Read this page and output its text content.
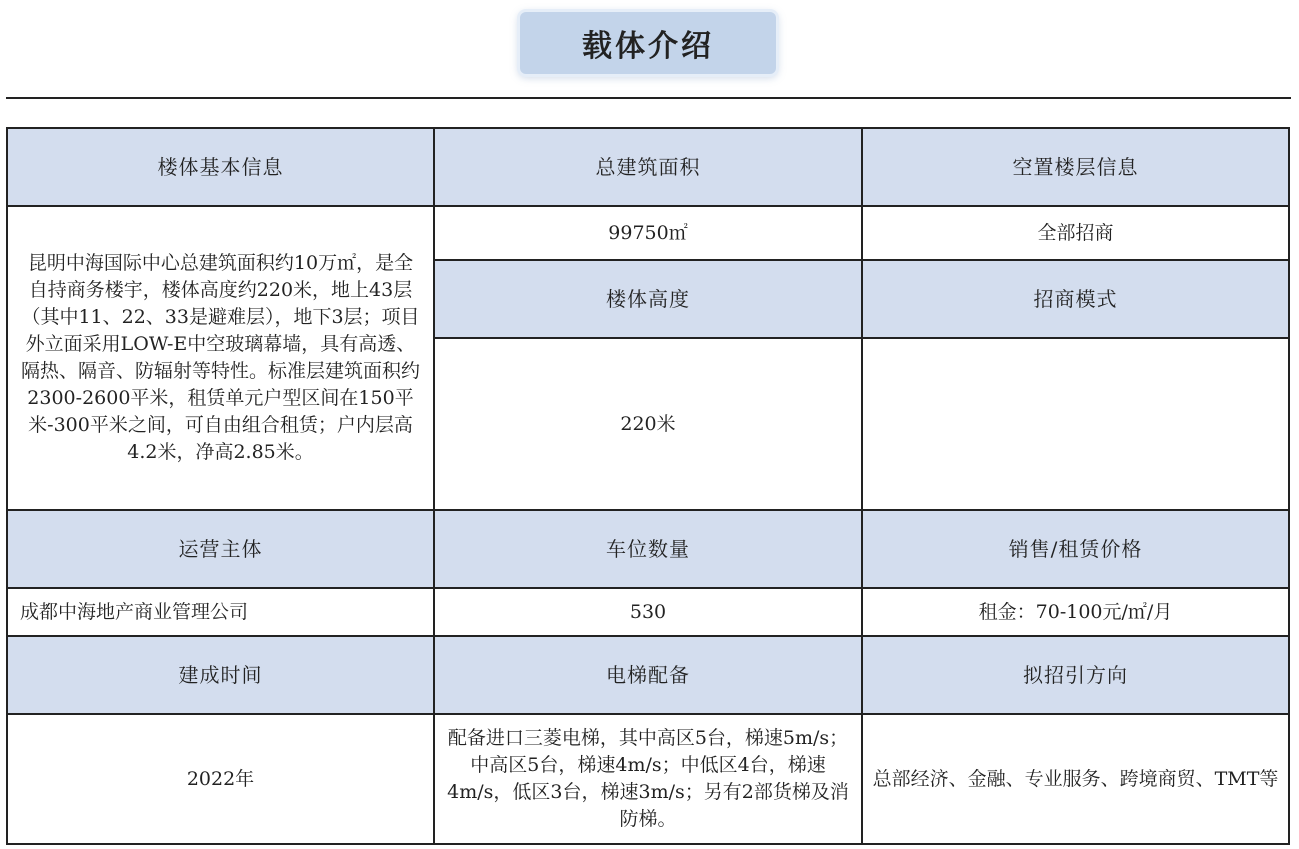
载体介绍
楼体基本信息	总建筑面积	空置楼层信息
昆明中海国际中心总建筑面积约10万㎡，是全自持商务楼宇，楼体高度约220米，地上43层（其中11、22、33是避难层），地下3层；项目外立面采用LOW-E中空玻璃幕墙，具有高透、隔热、隔音、防辐射等特性。标准层建筑面积约2300-2600平米，租赁单元户型区间在150平米-300平米之间，可自由组合租赁；户内层高4.2米，净高2.85米。	99750㎡	全部招商
	楼体高度	招商模式
	220米	
运营主体	车位数量	销售/租赁价格
成都中海地产商业管理公司	530	租金：70-100元/㎡/月
建成时间	电梯配备	拟招引方向
2022年	配备进口三菱电梯，其中高区5台，梯速5m/s；中高区5台，梯速4m/s；中低区4台，梯速4m/s，低区3台，梯速3m/s；另有2部货梯及消防梯。	总部经济、金融、专业服务、跨境商贸、TMT等
